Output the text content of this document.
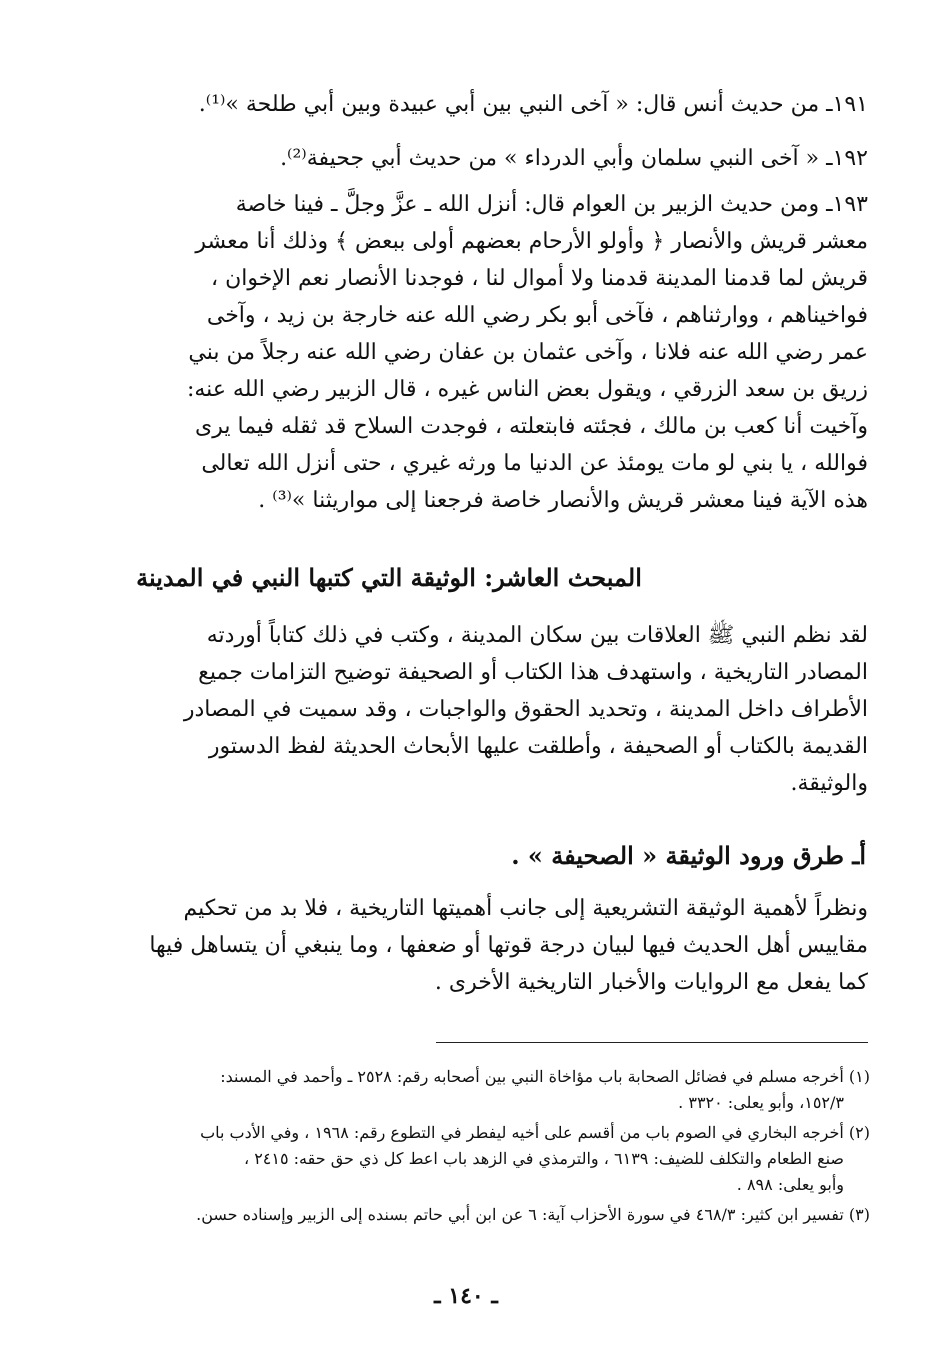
١٩١ـ من حديث أنس قال: « آخى النبي بين أبي عبيدة وبين أبي طلحة »⁽¹⁾.
١٩٢ـ « آخى النبي سلمان وأبي الدرداء » من حديث أبي جحيفة⁽²⁾.
١٩٣ـ ومن حديث الزبير بن العوام قال: أنزل الله ـ عزَّ وجلَّ ـ فينا خاصة
معشر قريش والأنصار ﴿ وأولو الأرحام بعضهم أولى ببعض ﴾ وذلك أنا معشر
قريش لما قدمنا المدينة قدمنا ولا أموال لنا ، فوجدنا الأنصار نعم الإخوان ،
فواخيناهم ، ووارثناهم ، فآخى أبو بكر رضي الله عنه خارجة بن زيد ، وآخى
عمر رضي الله عنه فلانا ، وآخى عثمان بن عفان رضي الله عنه رجلاً من بني
زريق بن سعد الزرقي ، ويقول بعض الناس غيره ، قال الزبير رضي الله عنه:
وآخيت أنا كعب بن مالك ، فجئته فابتعلته ، فوجدت السلاح قد ثقله فيما يرى
فوالله ، يا بني لو مات يومئذ عن الدنيا ما ورثه غيري ، حتى أنزل الله تعالى
هذه الآية فينا معشر قريش والأنصار خاصة فرجعنا إلى مواريثنا »⁽³⁾ .
المبحث العاشر: الوثيقة التي كتبها النبي في المدينة
لقد نظم النبي ﷺ العلاقات بين سكان المدينة ، وكتب في ذلك كتاباً أوردته
المصادر التاريخية ، واستهدف هذا الكتاب أو الصحيفة توضيح التزامات جميع
الأطراف داخل المدينة ، وتحديد الحقوق والواجبات ، وقد سميت في المصادر
القديمة بالكتاب أو الصحيفة ، وأطلقت عليها الأبحاث الحديثة لفظ الدستور
والوثيقة.
أـ طرق ورود الوثيقة « الصحيفة » .
ونظراً لأهمية الوثيقة التشريعية إلى جانب أهميتها التاريخية ، فلا بد من تحكيم
مقاييس أهل الحديث فيها لبيان درجة قوتها أو ضعفها ، وما ينبغي أن يتساهل فيها
كما يفعل مع الروايات والأخبار التاريخية الأخرى .
(١) أخرجه مسلم في فضائل الصحابة باب مؤاخاة النبي بين أصحابه رقم: ٢٥٢٨ ـ وأحمد في المسند:
١٥٢/٣، وأبو يعلى: ٣٣٢٠ .
(٢) أخرجه البخاري في الصوم باب من أقسم على أخيه ليفطر في التطوع رقم: ١٩٦٨ ، وفي الأدب باب
صنع الطعام والتكلف للضيف: ٦١٣٩ ، والترمذي في الزهد باب اعط كل ذي حق حقه: ٢٤١٥ ،
وأبو يعلى: ٨٩٨ .
(٣) تفسير ابن كثير: ٤٦٨/٣ في سورة الأحزاب آية: ٦ عن ابن أبي حاتم بسنده إلى الزبير وإسناده حسن.
ـ ١٤٠ ـ
